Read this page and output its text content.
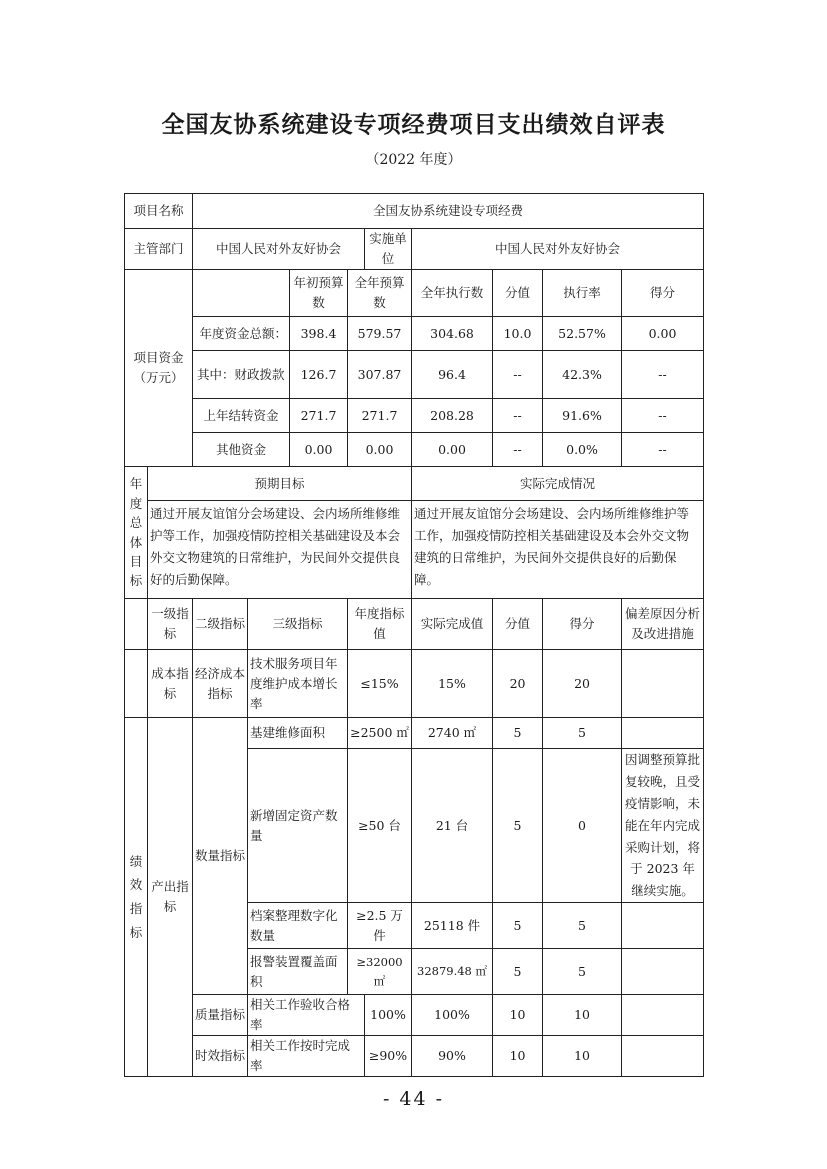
全国友协系统建设专项经费项目支出绩效自评表
（2022 年度）
项目名称		全国友协系统建设专项经费								
主管部门		中国人民对外友好协会				实施单位	中国人民对外友好协会			
项目资金（万元）				年初预算数	全年预算数		全年执行数	分值	执行率	得分
		年度资金总额：		398.4	579.57		304.68	10.0	52.57%	0.00
		其中：财政拨款		126.7	307.87		96.4	--	42.3%	--
		上年结转资金		271.7	271.7		208.28	--	91.6%	--
		其他资金		0.00	0.00		0.00	--	0.0%	--
年度总体目标	预期目标						实际完成情况			
	通过开展友谊馆分会场建设、会内场所维修维护等工作，加强疫情防控相关基础建设及本会外交文物建筑的日常维护，为民间外交提供良好的后勤保障。						通过开展友谊馆分会场建设、会内场所维修维护等工作，加强疫情防控相关基础建设及本会外交文物建筑的日常维护，为民间外交提供良好的后勤保障。			
	一级指标	二级指标	三级指标		年度指标值		实际完成值	分值	得分	偏差原因分析及改进措施
	成本指标	经济成本指标	技术服务项目年度维护成本增长率		≤15%		15%	20	20	
绩效指标	产出指标	数量指标	基建维修面积		≥2500 ㎡		2740 ㎡	5	5	
			新增固定资产数量		≥50 台		21 台	5	0	因调整预算批复较晚，且受疫情影响，未能在年内完成采购计划，将于 2023 年继续实施。
			档案整理数字化数量		≥2.5 万件		25118 件	5	5	
			报警装置覆盖面积		≥32000 ㎡		32879.48 ㎡	5	5	
		质量指标	相关工作验收合格率			100%	100%	10	10	
		时效指标	相关工作按时完成率			≥90%	90%	10	10	
- 44 -
